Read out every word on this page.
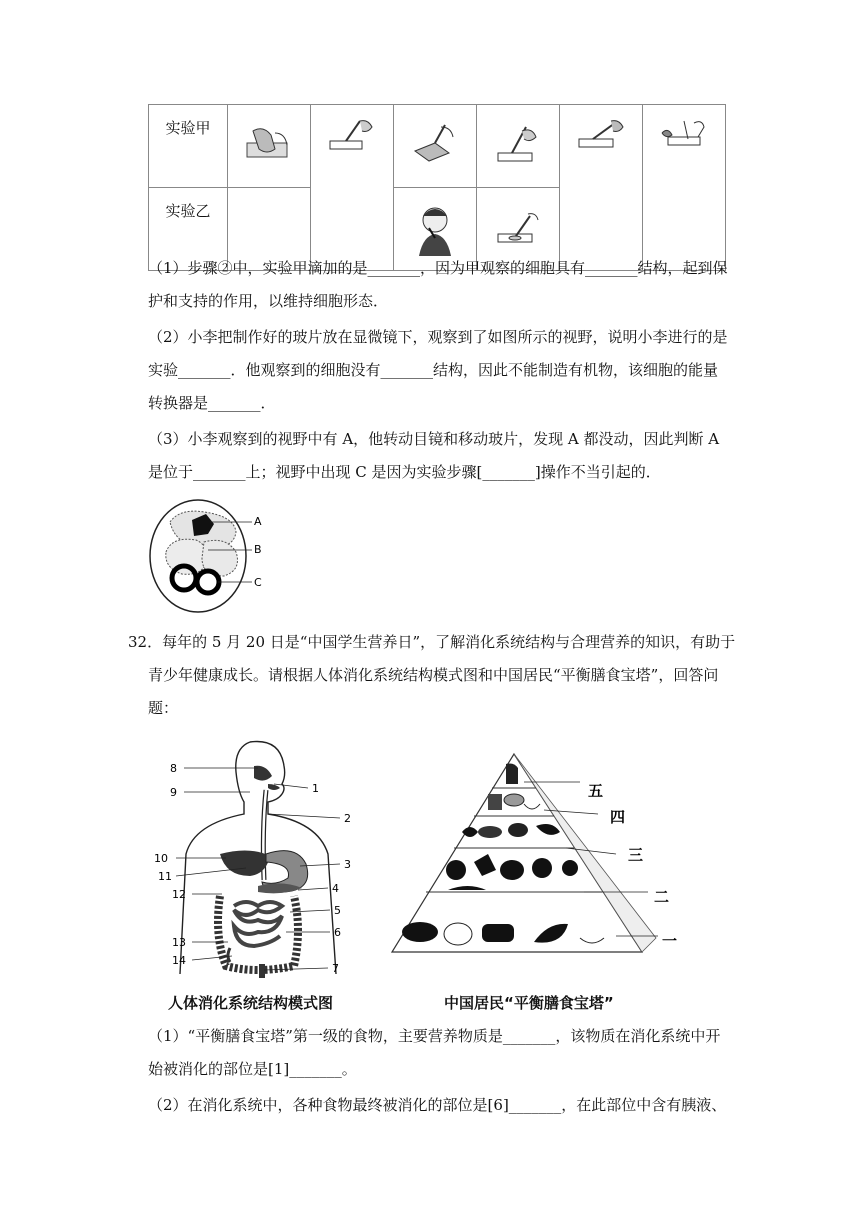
实验甲	

实验乙		

（1）步骤②中，实验甲滴加的是_______，因为甲观察的细胞具有_______结构，起到保
护和支持的作用，以维持细胞形态．
（2）小李把制作好的玻片放在显微镜下，观察到了如图所示的视野，说明小李进行的是
实验_______．他观察到的细胞没有_______结构，因此不能制造有机物，该细胞的能量
转换器是_______．
（3）小李观察到的视野中有 A，他转动目镜和移动玻片，发现 A 都没动，因此判断 A
是位于_______上；视野中出现 C 是因为实验步骤[_______]操作不当引起的．
A
B
C
32．每年的 5 月 20 日是“中国学生营养日”，了解消化系统结构与合理营养的知识，有助于
青少年健康成长。请根据人体消化系统结构模式图和中国居民“平衡膳食宝塔”，回答问
题：
8
9	1
2
10
11
3
12	4
5
6
13
14
7
五
四
三
二
一
人体消化系统结构模式图	中国居民“平衡膳食宝塔”
（1）“平衡膳食宝塔”第一级的食物，主要营养物质是_______，该物质在消化系统中开
始被消化的部位是[1]_______。
（2）在消化系统中，各种食物最终被消化的部位是[6]_______，在此部位中含有胰液、
